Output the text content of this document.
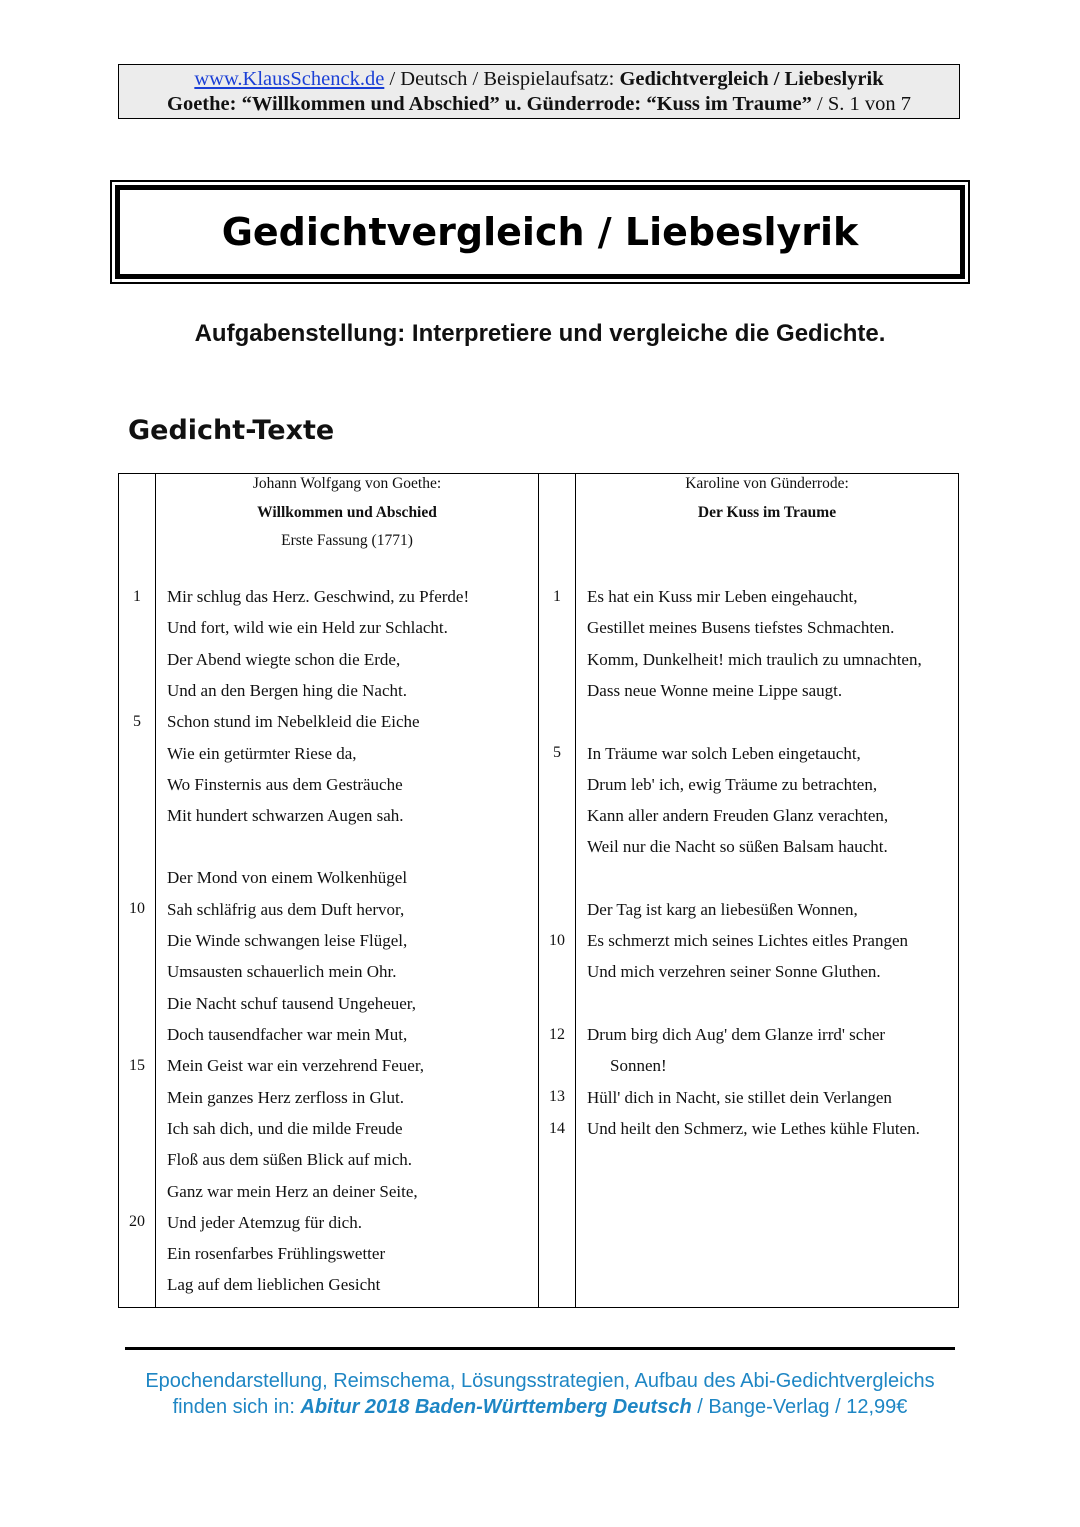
www.KlausSchenck.de / Deutsch / Beispielaufsatz: Gedichtvergleich / Liebeslyrik
Goethe: “Willkommen und Abschied” u. Günderrode: “Kuss im Traume” / S. 1 von 7
Gedichtvergleich / Liebeslyrik
Aufgabenstellung: Interpretiere und vergleiche die Gedichte.
Gedicht-Texte
Johann Wolfgang von Goethe:
Willkommen und Abschied
Erste Fassung (1771)
Karoline von Günderrode:
Der Kuss im Traume
1
5
10
15
20
Mir schlug das Herz. Geschwind, zu Pferde!
Und fort, wild wie ein Held zur Schlacht.
Der Abend wiegte schon die Erde,
Und an den Bergen hing die Nacht.
Schon stund im Nebelkleid die Eiche
Wie ein getürmter Riese da,
Wo Finsternis aus dem Gesträuche
Mit hundert schwarzen Augen sah.
Der Mond von einem Wolkenhügel
Sah schläfrig aus dem Duft hervor,
Die Winde schwangen leise Flügel,
Umsausten schauerlich mein Ohr.
Die Nacht schuf tausend Ungeheuer,
Doch tausendfacher war mein Mut,
Mein Geist war ein verzehrend Feuer,
Mein ganzes Herz zerfloss in Glut.
Ich sah dich, und die milde Freude
Floß aus dem süßen Blick auf mich.
Ganz war mein Herz an deiner Seite,
Und jeder Atemzug für dich.
Ein rosenfarbes Frühlingswetter
Lag auf dem lieblichen Gesicht
1
5
10
12
13
14
Es hat ein Kuss mir Leben eingehaucht,
Gestillet meines Busens tiefstes Schmachten.
Komm, Dunkelheit! mich traulich zu umnachten,
Dass neue Wonne meine Lippe saugt.
In Träume war solch Leben eingetaucht,
Drum leb' ich, ewig Träume zu betrachten,
Kann aller andern Freuden Glanz verachten,
Weil nur die Nacht so süßen Balsam haucht.
Der Tag ist karg an liebesüßen Wonnen,
Es schmerzt mich seines Lichtes eitles Prangen
Und mich verzehren seiner Sonne Gluthen.
Drum birg dich Aug' dem Glanze irrd' scher
Sonnen!
Hüll' dich in Nacht, sie stillet dein Verlangen
Und heilt den Schmerz, wie Lethes kühle Fluten.
Epochendarstellung, Reimschema, Lösungsstrategien, Aufbau des Abi-Gedichtvergleichs
finden sich in: Abitur 2018 Baden-Württemberg Deutsch / Bange-Verlag / 12,99€
